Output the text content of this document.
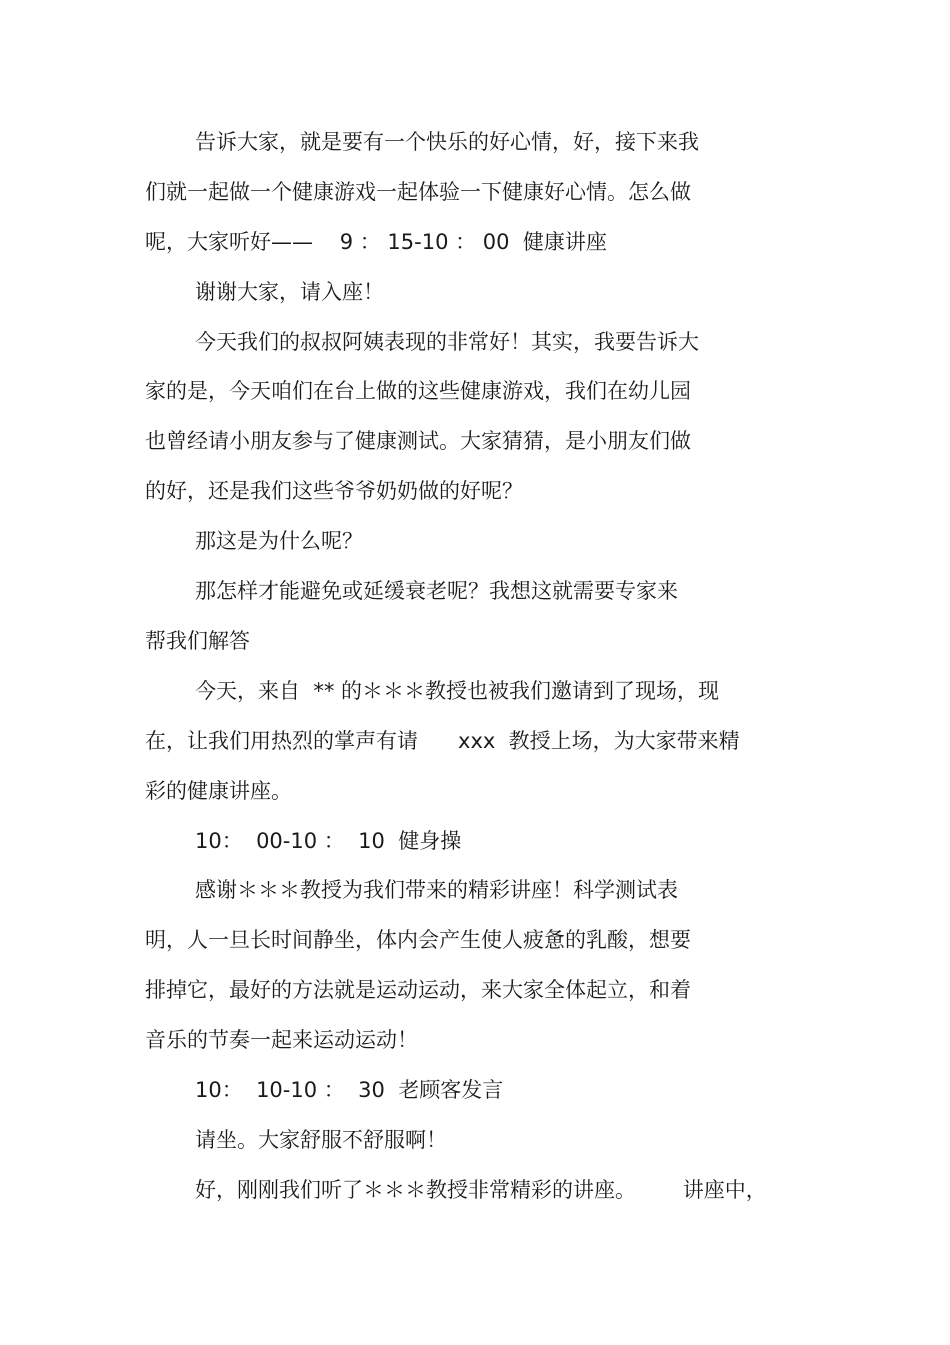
告诉大家，就是要有一个快乐的好心情，好，接下来我

们就一起做一个健康游戏一起体验一下健康好心情。怎么做

呢，大家听好——    9 ： 15-10 ： 00  健康讲座

谢谢大家，请入座！

今天我们的叔叔阿姨表现的非常好！其实，我要告诉大

家的是，今天咱们在台上做的这些健康游戏，我们在幼儿园

也曾经请小朋友参与了健康测试。大家猜猜，是小朋友们做

的好，还是我们这些爷爷奶奶做的好呢？

那这是为什么呢？

那怎样才能避免或延缓衰老呢？我想这就需要专家来

帮我们解答

今天，来自  ** 的＊＊＊教授也被我们邀请到了现场，现

在，让我们用热烈的掌声有请      xxx  教授上场，为大家带来精

彩的健康讲座。

10：  00-10 ：  10  健身操

感谢＊＊＊教授为我们带来的精彩讲座！科学测试表

明，人一旦长时间静坐，体内会产生使人疲惫的乳酸，想要

排掉它，最好的方法就是运动运动，来大家全体起立，和着

音乐的节奏一起来运动运动！

10：  10-10 ：  30  老顾客发言

请坐。大家舒服不舒服啊！

好，刚刚我们听了＊＊＊教授非常精彩的讲座。       讲座中，
